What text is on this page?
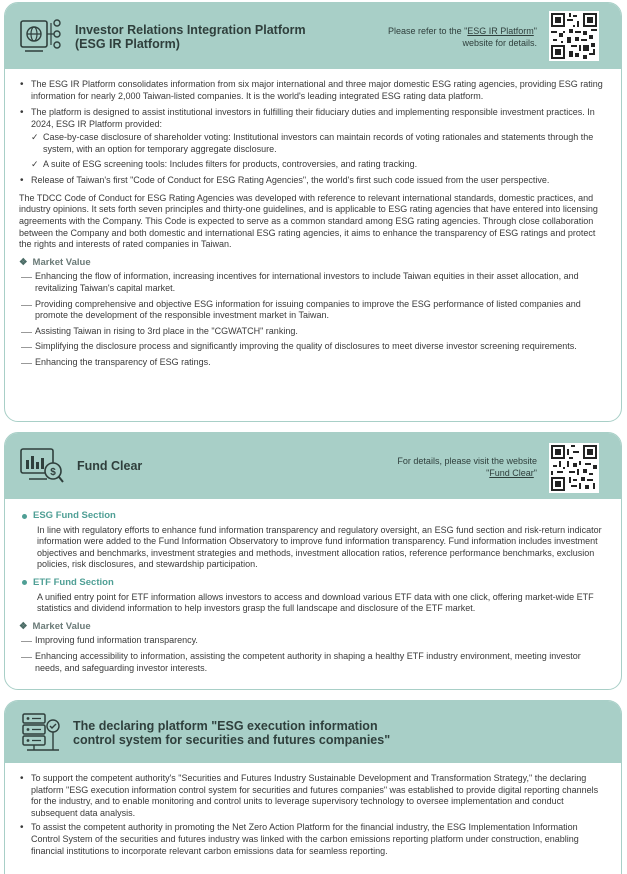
Investor Relations Integration Platform
(ESG IR Platform)
Please refer to the "ESG IR Platform"
website for details.

• The ESG IR Platform consolidates information from six major international and three major domestic ESG rating agencies, providing ESG rating information for nearly 2,000 Taiwan-listed companies. It is the world's leading integrated ESG rating data platform.

• The platform is designed to assist institutional investors in fulfilling their fiduciary duties and implementing responsible investment practices. In 2024, ESG IR Platform provided:

✓ Case-by-case disclosure of shareholder voting: Institutional investors can maintain records of voting rationales and statements through the system, with an option for temporary aggregate disclosure.

✓ A suite of ESG screening tools: Includes filters for products, controversies, and rating tracking.

• Release of Taiwan's first "Code of Conduct for ESG Rating Agencies", the world's first such code issued from the user perspective.

The TDCC Code of Conduct for ESG Rating Agencies was developed with reference to relevant international standards, domestic practices, and industry opinions. It sets forth seven principles and thirty-one guidelines, and is applicable to ESG rating agencies that have entered into licensing agreements with the Company. This Code is expected to serve as a common standard among ESG rating agencies. Through close collaboration between the Company and both domestic and international ESG rating agencies, it aims to enhance the transparency of ESG ratings and protect the rights and interests of rated companies in Taiwan.

❖ Market Value

Enhancing the flow of information, increasing incentives for international investors to include Taiwan equities in their asset allocation, and revitalizing Taiwan's capital market.

Providing comprehensive and objective ESG information for issuing companies to improve the ESG performance of listed companies and promote the development of the responsible investment market in Taiwan.

Assisting Taiwan in rising to 3rd place in the "CGWATCH" ranking.

Simplifying the disclosure process and significantly improving the quality of disclosures to meet diverse investor screening requirements.

Enhancing the transparency of ESG ratings.

$ Fund Clear	For details, please visit the website
"Fund Clear"

ESG Fund Section

In line with regulatory efforts to enhance fund information transparency and regulatory oversight, an ESG fund section and risk-return indicator information were added to the Fund Information Observatory to improve fund information transparency. Fund information includes investment objectives and benchmarks, investment strategies and methods, investment allocation ratios, reference performance benchmarks, exclusion policies, risk disclosures, and stewardship participation.

ETF Fund Section

A unified entry point for ETF information allows investors to access and download various ETF data with one click, offering market-wide ETF statistics and dividend information to help investors grasp the full landscape and disclosure of the ETF market.

❖ Market Value

Improving fund information transparency.

Enhancing accessibility to information, assisting the competent authority in shaping a healthy ETF industry environment, meeting investor needs, and safeguarding investor interests.

The declaring platform "ESG execution information
control system for securities and futures companies"

• To support the competent authority's "Securities and Futures Industry Sustainable Development and Transformation Strategy," the declaring platform "ESG execution information control system for securities and futures companies" was established to provide digital reporting channels for the industry, and to enable monitoring and control units to leverage supervisory technology to oversee implementation and conduct subsequent data analysis.

• To assist the competent authority in promoting the Net Zero Action Platform for the financial industry, the ESG Implementation Information Control System of the securities and futures industry was linked with the carbon emissions reporting platform under construction, enabling financial institutions to incorporate relevant carbon emissions data for seamless reporting.
